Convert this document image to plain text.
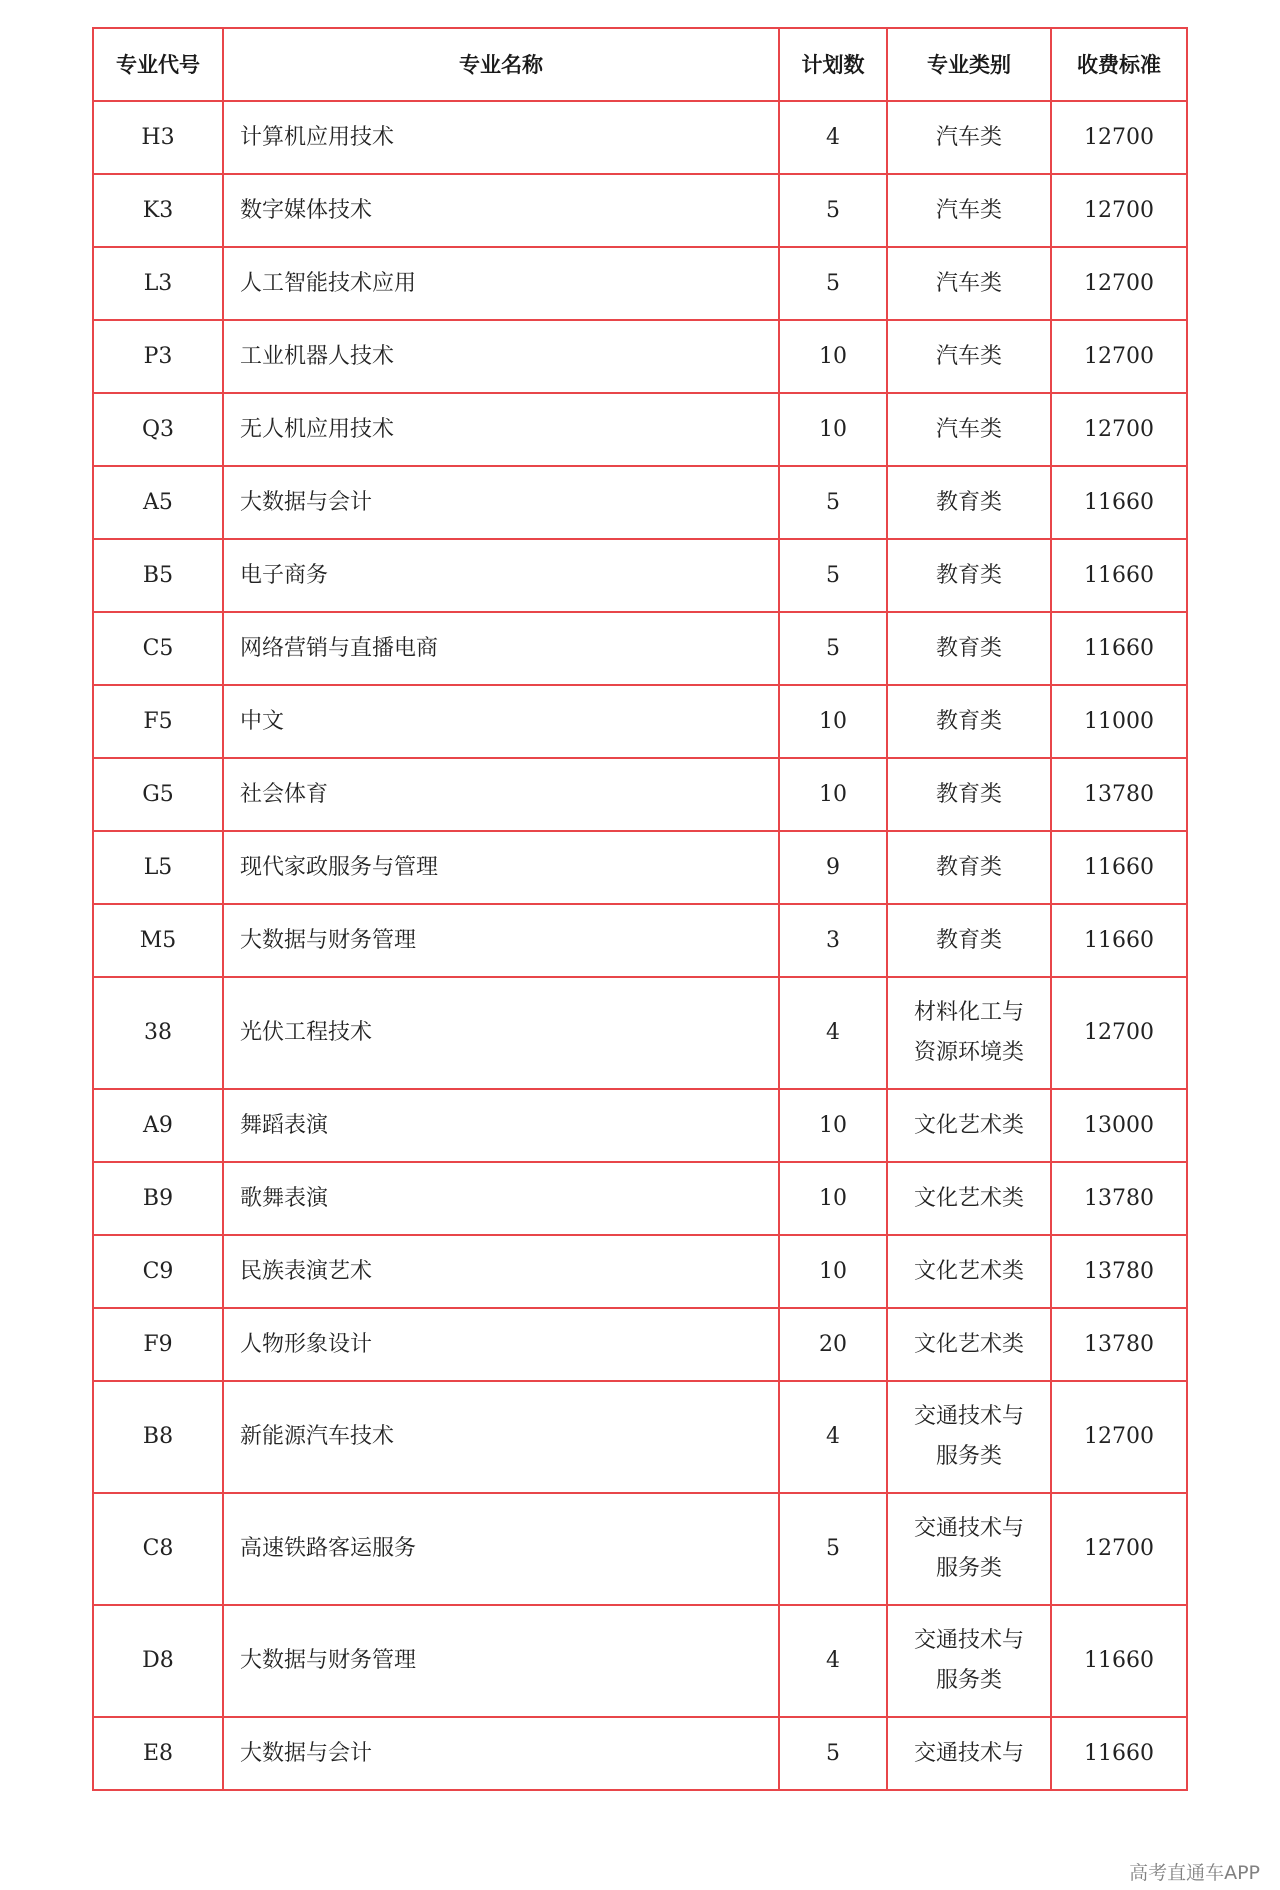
专业代号	专业名称	计划数	专业类别	收费标准
H3	计算机应用技术	4	汽车类	12700
K3	数字媒体技术	5	汽车类	12700
L3	人工智能技术应用	5	汽车类	12700
P3	工业机器人技术	10	汽车类	12700
Q3	无人机应用技术	10	汽车类	12700
A5	大数据与会计	5	教育类	11660
B5	电子商务	5	教育类	11660
C5	网络营销与直播电商	5	教育类	11660
F5	中文	10	教育类	11000
G5	社会体育	10	教育类	13780
L5	现代家政服务与管理	9	教育类	11660
M5	大数据与财务管理	3	教育类	11660
38	光伏工程技术	4	材料化工与资源环境类	12700
A9	舞蹈表演	10	文化艺术类	13000
B9	歌舞表演	10	文化艺术类	13780
C9	民族表演艺术	10	文化艺术类	13780
F9	人物形象设计	20	文化艺术类	13780
B8	新能源汽车技术	4	交通技术与服务类	12700
C8	高速铁路客运服务	5	交通技术与服务类	12700
D8	大数据与财务管理	4	交通技术与服务类	11660
E8	大数据与会计	5	交通技术与	11660
高考直通车APP
